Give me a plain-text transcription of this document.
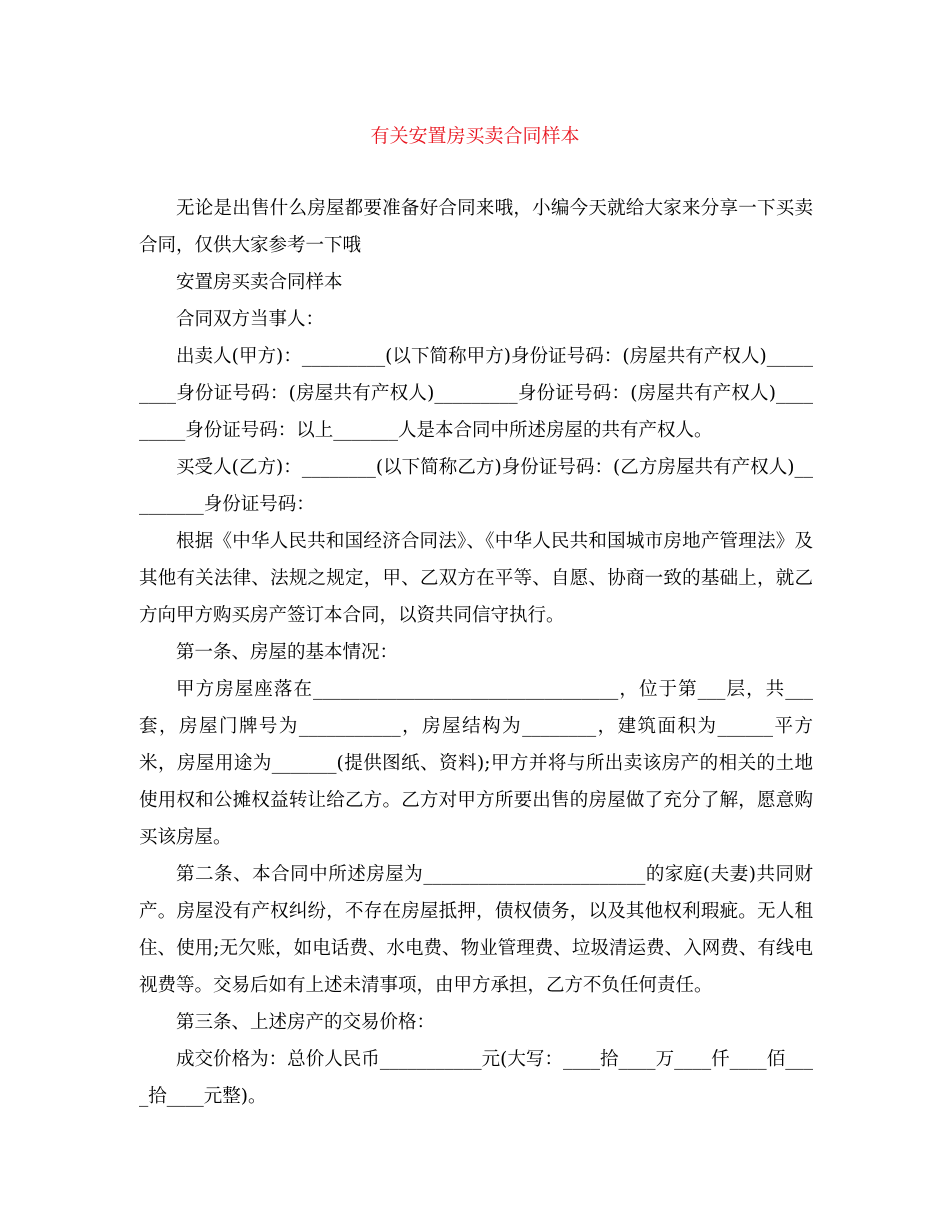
有关安置房买卖合同样本

无论是出售什么房屋都要准备好合同来哦，小编今天就给大家来分享一下买卖合同，仅供大家参考一下哦

安置房买卖合同样本

合同双方当事人：

出卖人(甲方)：_________(以下简称甲方)身份证号码：(房屋共有产权人)_________身份证号码：(房屋共有产权人)_________身份证号码：(房屋共有产权人)_________身份证号码：以上_______人是本合同中所述房屋的共有产权人。

买受人(乙方)：________(以下简称乙方)身份证号码：(乙方房屋共有产权人)_________身份证号码：

根据《中华人民共和国经济合同法》、《中华人民共和国城市房地产管理法》及其他有关法律、法规之规定，甲、乙双方在平等、自愿、协商一致的基础上，就乙方向甲方购买房产签订本合同，以资共同信守执行。

第一条、房屋的基本情况：

甲方房屋座落在_________________________________，位于第___层，共___套，房屋门牌号为___________，房屋结构为________，建筑面积为______平方米，房屋用途为_______(提供图纸、资料);甲方并将与所出卖该房产的相关的土地使用权和公摊权益转让给乙方。乙方对甲方所要出售的房屋做了充分了解，愿意购买该房屋。

第二条、本合同中所述房屋为________________________的家庭(夫妻)共同财产。房屋没有产权纠纷，不存在房屋抵押，债权债务，以及其他权利瑕疵。无人租住、使用;无欠账，如电话费、水电费、物业管理费、垃圾清运费、入网费、有线电视费等。交易后如有上述未清事项，由甲方承担，乙方不负任何责任。

第三条、上述房产的交易价格：

成交价格为：总价人民币___________元(大写：____拾____万____仟____佰____拾____元整)。
